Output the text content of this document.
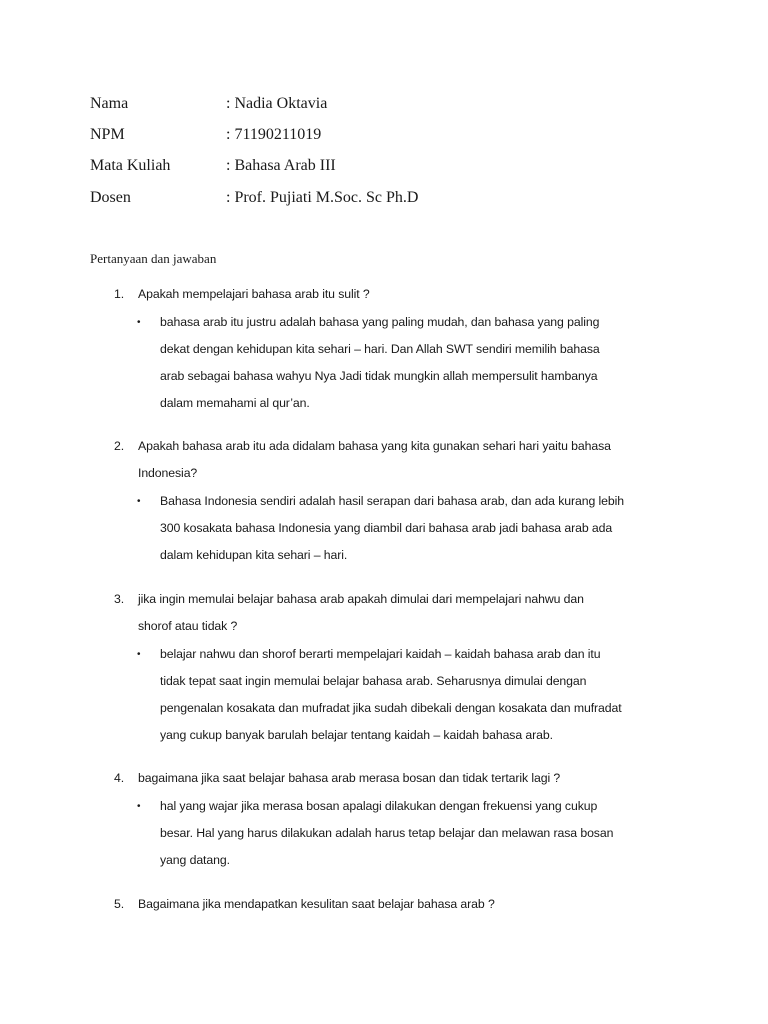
Nama	: Nadia Oktavia
NPM	: 71190211019
Mata Kuliah	: Bahasa Arab III
Dosen	: Prof. Pujiati M.Soc. Sc Ph.D
Pertanyaan dan jawaban
1. Apakah mempelajari bahasa arab itu sulit ?
• bahasa arab itu justru adalah bahasa yang paling mudah, dan bahasa yang paling
dekat dengan kehidupan kita sehari – hari. Dan Allah SWT sendiri memilih bahasa
arab sebagai bahasa wahyu Nya Jadi tidak mungkin allah mempersulit hambanya
dalam memahami al qur’an.
2. Apakah bahasa arab itu ada didalam bahasa yang kita gunakan sehari hari yaitu bahasa
Indonesia?
• Bahasa Indonesia sendiri adalah hasil serapan dari bahasa arab, dan ada kurang lebih
300 kosakata bahasa Indonesia yang diambil dari bahasa arab jadi bahasa arab ada
dalam kehidupan kita sehari – hari.
3. jika ingin memulai belajar bahasa arab apakah dimulai dari mempelajari nahwu dan
shorof atau tidak ?
• belajar nahwu dan shorof berarti mempelajari kaidah – kaidah bahasa arab dan itu
tidak tepat saat ingin memulai belajar bahasa arab. Seharusnya dimulai dengan
pengenalan kosakata dan mufradat jika sudah dibekali dengan kosakata dan mufradat
yang cukup banyak barulah belajar tentang kaidah – kaidah bahasa arab.
4. bagaimana jika saat belajar bahasa arab merasa bosan dan tidak tertarik lagi ?
• hal yang wajar jika merasa bosan apalagi dilakukan dengan frekuensi yang cukup
besar. Hal yang harus dilakukan adalah harus tetap belajar dan melawan rasa bosan
yang datang.
5. Bagaimana jika mendapatkan kesulitan saat belajar bahasa arab ?
